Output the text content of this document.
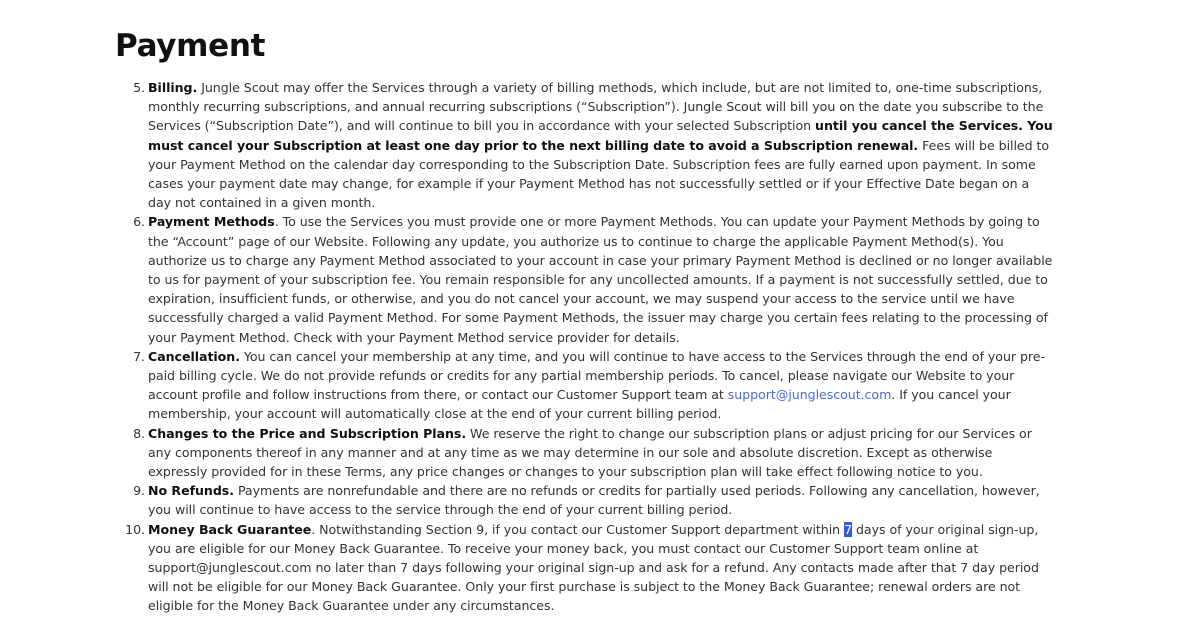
Payment
5. Billing. Jungle Scout may offer the Services through a variety of billing methods, which include, but are not limited to, one-time subscriptions, monthly recurring subscriptions, and annual recurring subscriptions (“Subscription”). Jungle Scout will bill you on the date you subscribe to the Services (“Subscription Date”), and will continue to bill you in accordance with your selected Subscription until you cancel the Services. You must cancel your Subscription at least one day prior to the next billing date to avoid a Subscription renewal. Fees will be billed to your Payment Method on the calendar day corresponding to the Subscription Date. Subscription fees are fully earned upon payment. In some cases your payment date may change, for example if your Payment Method has not successfully settled or if your Effective Date began on a day not contained in a given month.
6. Payment Methods. To use the Services you must provide one or more Payment Methods. You can update your Payment Methods by going to the “Account” page of our Website. Following any update, you authorize us to continue to charge the applicable Payment Method(s). You authorize us to charge any Payment Method associated to your account in case your primary Payment Method is declined or no longer available to us for payment of your subscription fee. You remain responsible for any uncollected amounts. If a payment is not successfully settled, due to expiration, insufficient funds, or otherwise, and you do not cancel your account, we may suspend your access to the service until we have successfully charged a valid Payment Method. For some Payment Methods, the issuer may charge you certain fees relating to the processing of your Payment Method. Check with your Payment Method service provider for details.
7. Cancellation. You can cancel your membership at any time, and you will continue to have access to the Services through the end of your pre-paid billing cycle. We do not provide refunds or credits for any partial membership periods. To cancel, please navigate our Website to your account profile and follow instructions from there, or contact our Customer Support team at support@junglescout.com. If you cancel your membership, your account will automatically close at the end of your current billing period.
8. Changes to the Price and Subscription Plans. We reserve the right to change our subscription plans or adjust pricing for our Services or any components thereof in any manner and at any time as we may determine in our sole and absolute discretion. Except as otherwise expressly provided for in these Terms, any price changes or changes to your subscription plan will take effect following notice to you.
9. No Refunds. Payments are nonrefundable and there are no refunds or credits for partially used periods. Following any cancellation, however, you will continue to have access to the service through the end of your current billing period.
10. Money Back Guarantee. Notwithstanding Section 9, if you contact our Customer Support department within 7 days of your original sign-up, you are eligible for our Money Back Guarantee. To receive your money back, you must contact our Customer Support team online at support@junglescout.com no later than 7 days following your original sign-up and ask for a refund. Any contacts made after that 7 day period will not be eligible for our Money Back Guarantee. Only your first purchase is subject to the Money Back Guarantee; renewal orders are not eligible for the Money Back Guarantee under any circumstances.
